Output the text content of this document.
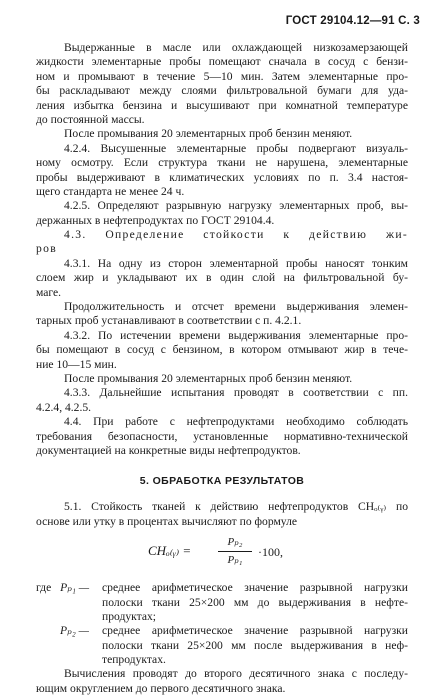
ГОСТ 29104.12—91 С. 3
Выдержанные в масле или охлаждающей низкозамерзающей
жидкости элементарные пробы помещают сначала в сосуд с бензи-
ном и промывают в течение 5—10 мин. Затем элементарные про-
бы раскладывают между слоями фильтровальной бумаги для уда-
ления избытка бензина и высушивают при комнатной температуре
до постоянной массы.
После промывания 20 элементарных проб бензин меняют.
4.2.4. Высушенные элементарные пробы подвергают визуаль-
ному осмотру. Если структура ткани не нарушена, элементарные
пробы выдерживают в климатических условиях по п. 3.4 настоя-
щего стандарта не менее 24 ч.
4.2.5. Определяют разрывную нагрузку элементарных проб, вы-
держанных в нефтепродуктах по ГОСТ 29104.4.
4.3. Определение стойкости к действию жи-
ров
4.3.1. На одну из сторон элементарной пробы наносят тонким
слоем жир и укладывают их в один слой на фильтровальной бу-
маге.
Продолжительность и отсчет времени выдерживания элемен-
тарных проб устанавливают в соответствии с п. 4.2.1.
4.3.2. По истечении времени выдерживания элементарные про-
бы помещают в сосуд с бензином, в котором отмывают жир в тече-
ние 10—15 мин.
После промывания 20 элементарных проб бензин меняют.
4.3.3. Дальнейшие испытания проводят в соответствии с пп.
4.2.4, 4.2.5.
4.4. При работе с нефтепродуктами необходимо соблюдать
требования безопасности, установленные нормативно-технической
документацией на конкретные виды нефтепродуктов.
5. ОБРАБОТКА РЕЗУЛЬТАТОВ
5.1. Стойкость тканей к действию нефтепродуктов CHₒ₍ᵧ₎ по
основе или утку в процентах вычисляют по формуле
CHₒ₍ᵧ₎ = $\frac{\text{Pₚ₂}}{\text{Pₚ₁}} \cdot 100$,
где Pₚ₁ — среднее арифметическое значение разрывной нагрузки
полоски ткани 25×200 мм до выдерживания в нефте-
продуктах;
Pₚ₂ — среднее арифметическое значение разрывной нагрузки
полоски ткани 25×200 мм после выдерживания в неф-
тепродуктах.
Вычисления проводят до второго десятичного знака с последу-
ющим округлением до первого десятичного знака.
